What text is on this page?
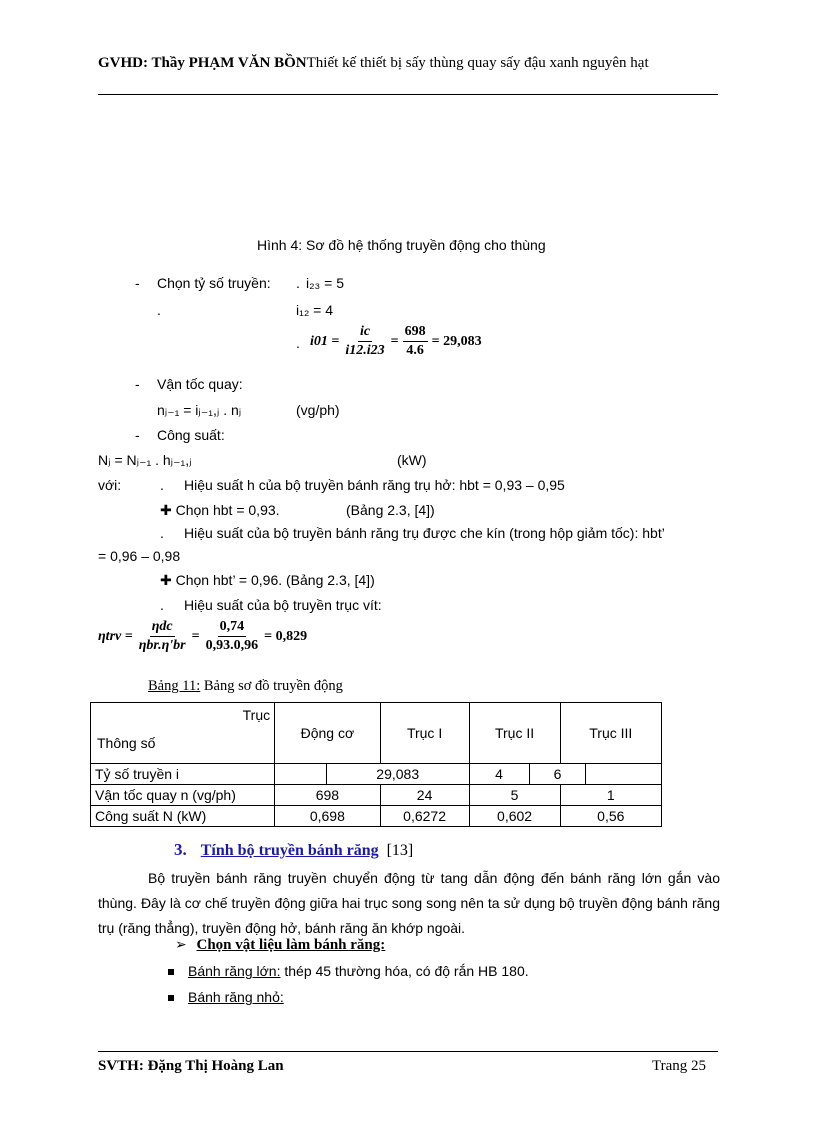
GVHD: Thầy PHẠM VĂN BỒNThiết kế thiết bị sấy thùng quay sấy đậu xanh nguyên hạt
Hình 4: Sơ đồ hệ thống truyền động cho thùng
- Chọn tỷ số truyền: . i₂₃ = 5
.	i₁₂ = 4
. $i01 = \frac{ic}{i12.i23} = \frac{698}{4.6} = 29,083$
- Vận tốc quay:
nⱼ₋₁ = iⱼ₋₁,ⱼ . nⱼ	(vg/ph)
- Công suất:
Nⱼ = Nⱼ₋₁ . hⱼ₋₁,ⱼ	(kW)
với:	. Hiệu suất h của bộ truyền bánh răng trụ hở: hbt = 0,93 – 0,95
✚ Chọn hbt = 0,93.	(Bảng 2.3, [4])
. Hiệu suất của bộ truyền bánh răng trụ được che kín (trong hộp giảm tốc): hbt’
= 0,96 – 0,98
✚ Chọn hbt’ = 0,96. (Bảng 2.3, [4])
. Hiệu suất của bộ truyền trục vít:
$\eta trv = \frac{\text{ηdc}}{\text{ηbr.η'br}} = \frac{0,74}{0,93.0,96} = 0,829$
Bảng 11: Bảng sơ đồ truyền động
Trục
Thông số	Động cơ		Trục I	Trục II		Trục III	
Tỷ số truyền i		29,083		4	6		
Vận tốc quay n (vg/ph)	698		24	5		1	
Công suất N (kW)	0,698		0,6272	0,602		0,56	
3. Tính bộ truyền bánh răng [13]
Bộ truyền bánh răng truyền chuyển động từ tang dẫn động đến bánh răng lớn gắn vào thùng. Đây là cơ chế truyền động giữa hai trục song song nên ta sử dụng bộ truyền động bánh răng trụ (răng thẳng), truyền động hở, bánh răng ăn khớp ngoài.
➢ Chọn vật liệu làm bánh răng:
Bánh răng lớn: thép 45 thường hóa, có độ rắn HB 180.
Bánh răng nhỏ:
SVTH: Đặng Thị Hoàng Lan	Trang 25
